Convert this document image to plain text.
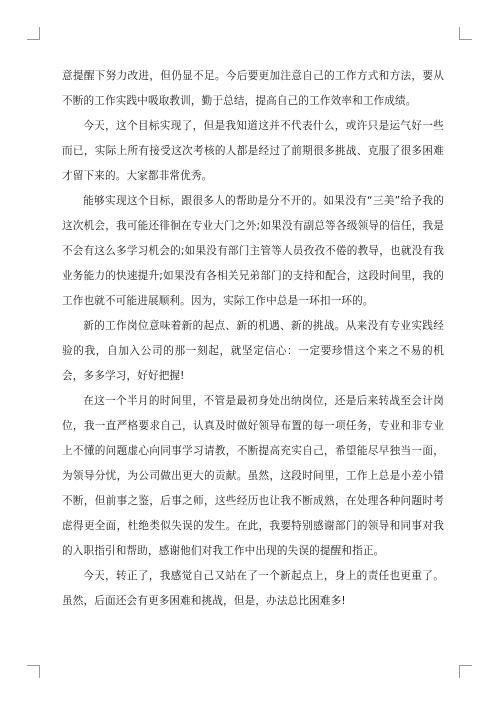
意提醒下努力改进，但仍显不足。今后要更加注意自己的工作方式和方法，要从不断的工作实践中吸取教训，勤于总结，提高自己的工作效率和工作成绩。

今天，这个目标实现了，但是我知道这并不代表什么，或许只是运气好一些而已，实际上所有接受这次考核的人都是经过了前期很多挑战、克服了很多困难才留下来的。大家都非常优秀。

能够实现这个目标，跟很多人的帮助是分不开的。如果没有“三美”给予我的这次机会，我可能还徘徊在专业大门之外;如果没有副总等各级领导的信任，我是不会有这么多学习机会的;如果没有部门主管等人员孜孜不倦的教导，也就没有我业务能力的快速提升;如果没有各相关兄弟部门的支持和配合，这段时间里，我的工作也就不可能进展顺利。因为，实际工作中总是一环扣一环的。

新的工作岗位意味着新的起点、新的机遇、新的挑战。从来没有专业实践经验的我，自加入公司的那一刻起，就坚定信心：一定要珍惜这个来之不易的机会，多多学习，好好把握!

在这一个半月的时间里，不管是最初身处出纳岗位，还是后来转战至会计岗位，我一直严格要求自己，认真及时做好领导布置的每一项任务，专业和非专业上不懂的问题虚心向同事学习请教，不断提高充实自己，希望能尽早独当一面，为领导分忧，为公司做出更大的贡献。虽然，这段时间里，工作上总是小差小错不断，但前事之鉴，后事之师，这些经历也让我不断成熟，在处理各种问题时考虑得更全面，杜绝类似失误的发生。在此，我要特别感谢部门的领导和同事对我的入职指引和帮助，感谢他们对我工作中出现的失误的提醒和指正。

今天，转正了，我感觉自己又站在了一个新起点上，身上的责任也更重了。虽然，后面还会有更多困难和挑战，但是，办法总比困难多!
